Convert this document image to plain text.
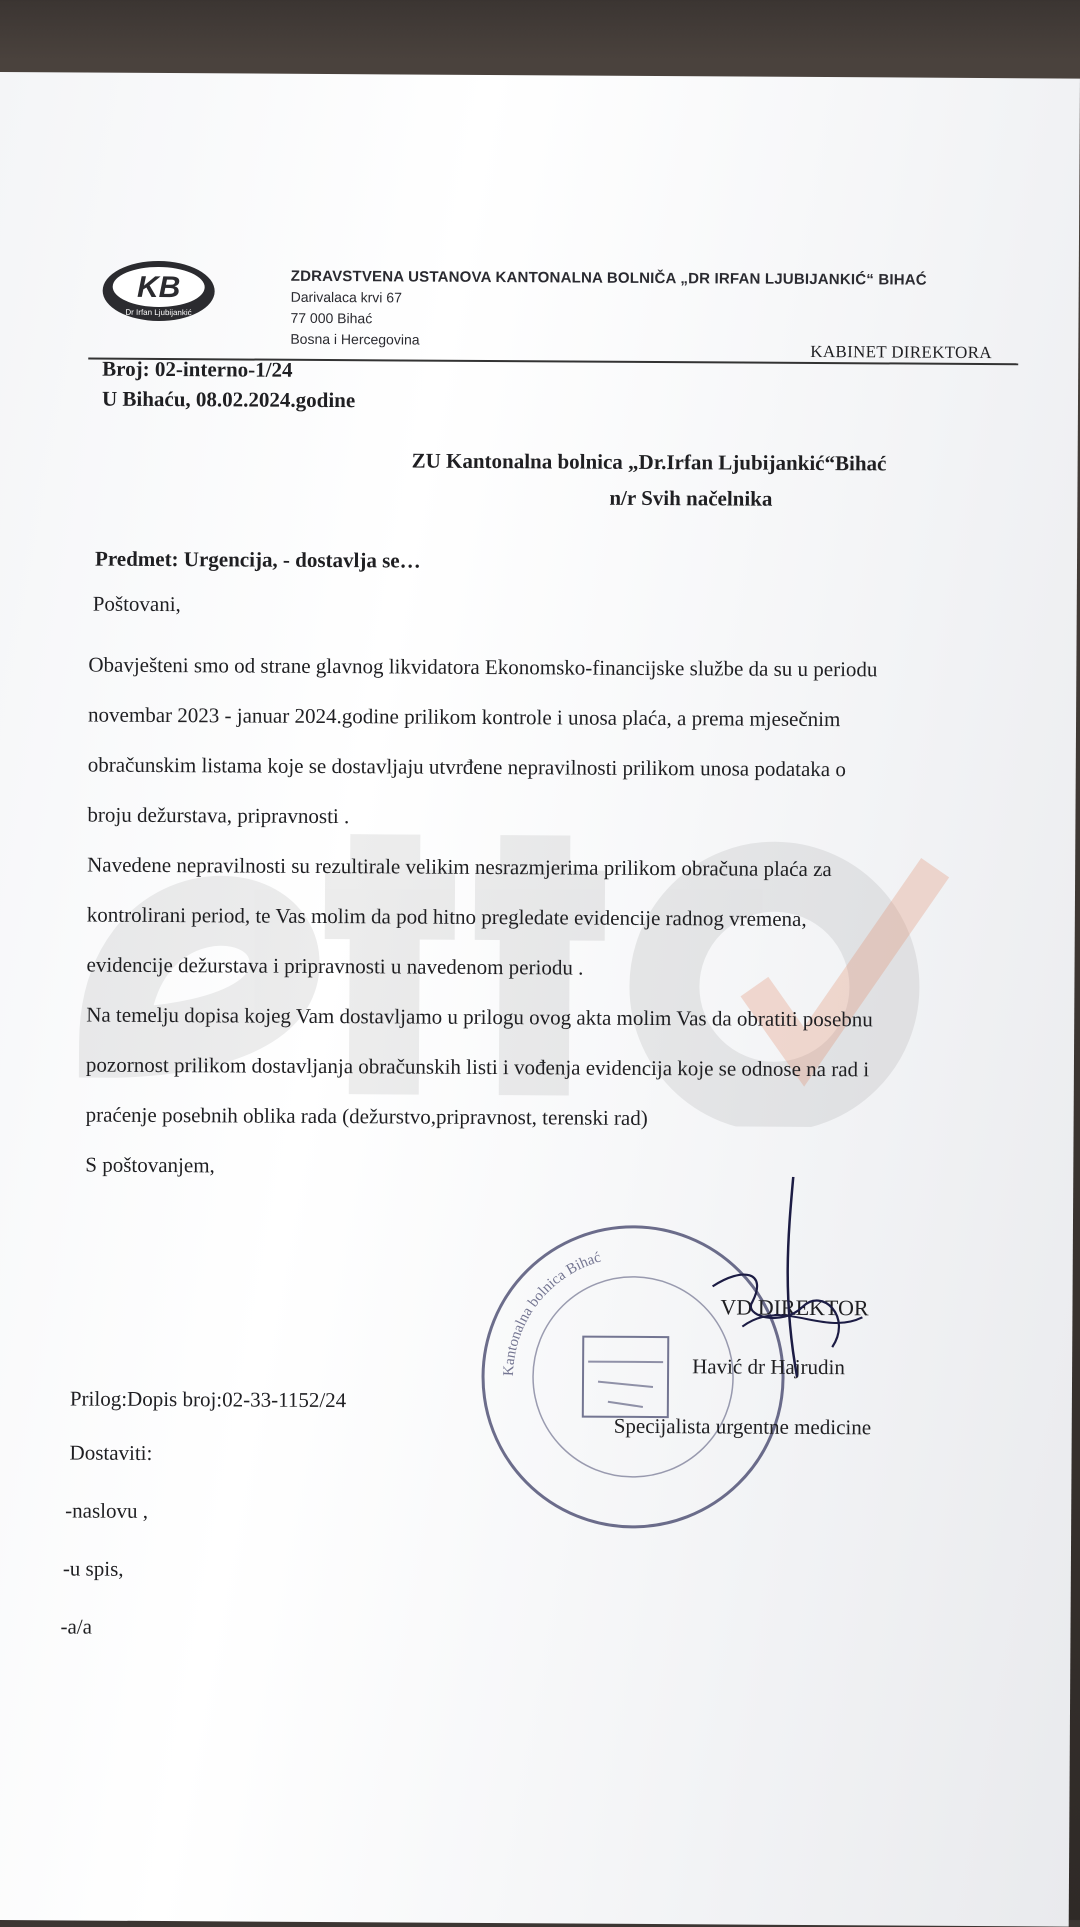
KB
Dr Irfan Ljubijankić
ZDRAVSTVENA USTANOVA KANTONALNA BOLNIČA „DR IRFAN LJUBIJANKIĆ“ BIHAĆ
Darivalaca krvi 67
77 000 Bihać
Bosna i Hercegovina
KABINET DIREKTORA
Broj: 02-interno-1/24
U Bihaću, 08.02.2024.godine
ZU Kantonalna bolnica „Dr.Irfan Ljubijankić“Bihać
n/r Svih načelnika
Predmet: Urgencija, - dostavlja se…
Poštovani,
Obavješteni smo od strane glavnog likvidatora Ekonomsko-financijske službe da su u periodu
novembar 2023 - januar 2024.godine prilikom kontrole i unosa plaća, a prema mjesečnim
obračunskim listama koje se dostavljaju utvrđene nepravilnosti prilikom unosa podataka o
broju dežurstava, pripravnosti .
Navedene nepravilnosti su rezultirale velikim nesrazmjerima prilikom obračuna plaća za
kontrolirani period, te Vas molim da pod hitno pregledate evidencije radnog vremena,
evidencije dežurstava i pripravnosti u navedenom periodu .
Na temelju dopisa kojeg Vam dostavljamo u prilogu ovog akta molim Vas da obratiti posebnu
pozornost prilikom dostavljanja obračunskih listi i vođenja evidencija koje se odnose na rad i
praćenje posebnih oblika rada (dežurstvo,pripravnost, terenski rad)
S poštovanjem,
Kantonalna bolnica Bihać
VD DIREKTOR
Havić dr Hajrudin
Specijalista urgentne medicine
Prilog:Dopis broj:02-33-1152/24
Dostaviti:
-naslovu ,
-u spis,
-a/a
